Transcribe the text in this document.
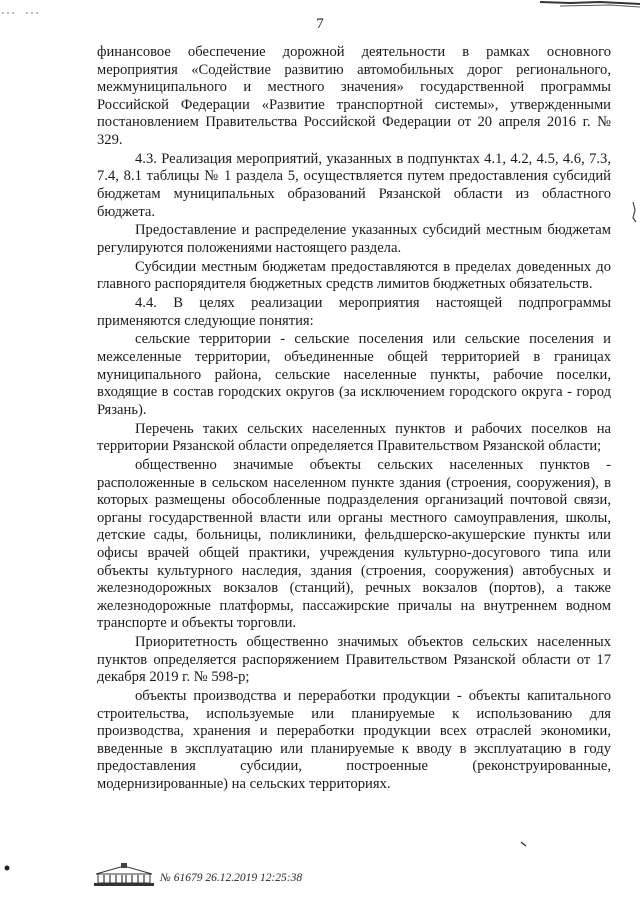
7

финансовое обеспечение дорожной деятельности в рамках основного мероприятия «Содействие развитию автомобильных дорог регионального, межмуниципального и местного значения» государственной программы Российской Федерации «Развитие транспортной системы», утвержденными постановлением Правительства Российской Федерации от 20 апреля 2016 г. № 329.

4.3. Реализация мероприятий, указанных в подпунктах 4.1, 4.2, 4.5, 4.6, 7.3, 7.4, 8.1 таблицы № 1 раздела 5, осуществляется путем предоставления субсидий бюджетам муниципальных образований Рязанской области из областного бюджета.

Предоставление и распределение указанных субсидий местным бюджетам регулируются положениями настоящего раздела.

Субсидии местным бюджетам предоставляются в пределах доведенных до главного распорядителя бюджетных средств лимитов бюджетных обязательств.

4.4. В целях реализации мероприятия настоящей подпрограммы применяются следующие понятия:

сельские территории - сельские поселения или сельские поселения и межселенные территории, объединенные общей территорией в границах муниципального района, сельские населенные пункты, рабочие поселки, входящие в состав городских округов (за исключением городского округа - город Рязань).

Перечень таких сельских населенных пунктов и рабочих поселков на территории Рязанской области определяется Правительством Рязанской области;

общественно значимые объекты сельских населенных пунктов - расположенные в сельском населенном пункте здания (строения, сооружения), в которых размещены обособленные подразделения организаций почтовой связи, органы государственной власти или органы местного самоуправления, школы, детские сады, больницы, поликлиники, фельдшерско-акушерские пункты или офисы врачей общей практики, учреждения культурно-досугового типа или объекты культурного наследия, здания (строения, сооружения) автобусных и железнодорожных вокзалов (станций), речных вокзалов (портов), а также железнодорожные платформы, пассажирские причалы на внутреннем водном транспорте и объекты торговли.

Приоритетность общественно значимых объектов сельских населенных пунктов определяется распоряжением Правительством Рязанской области от 17 декабря 2019 г. № 598-р;

объекты производства и переработки продукции - объекты капитального строительства, используемые или планируемые к использованию для производства, хранения и переработки продукции всех отраслей экономики, введенные в эксплуатацию или планируемые к вводу в эксплуатацию в году предоставления субсидии, построенные (реконструированные, модернизированные) на сельских территориях.

№ 61679 26.12.2019 12:25:38
